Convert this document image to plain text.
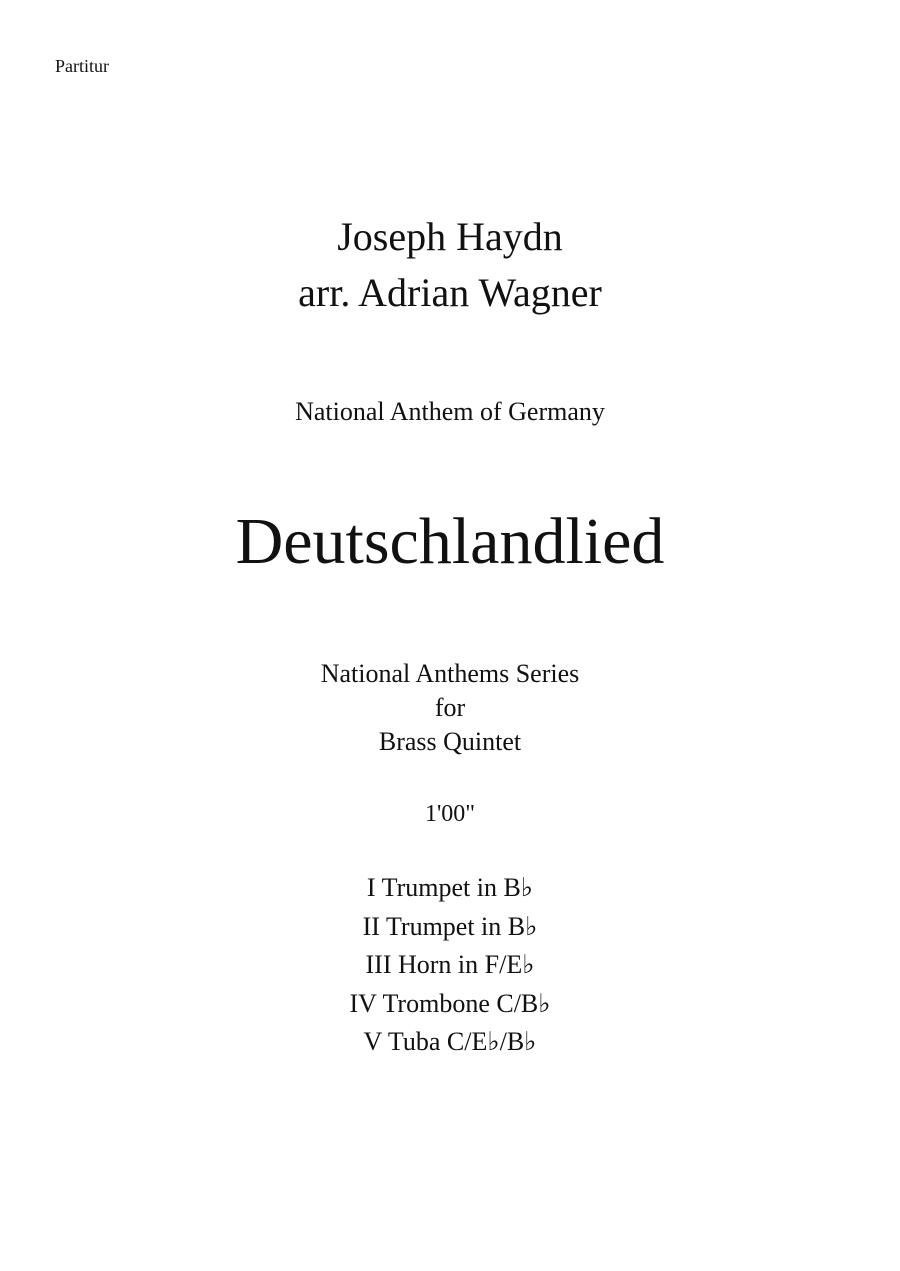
Partitur
Joseph Haydn
arr. Adrian Wagner
National Anthem of Germany
Deutschlandlied
National Anthems Series
for
Brass Quintet
1'00"
I Trumpet in B♭
II Trumpet in B♭
III Horn in F/E♭
IV Trombone C/B♭
V Tuba C/E♭/B♭
